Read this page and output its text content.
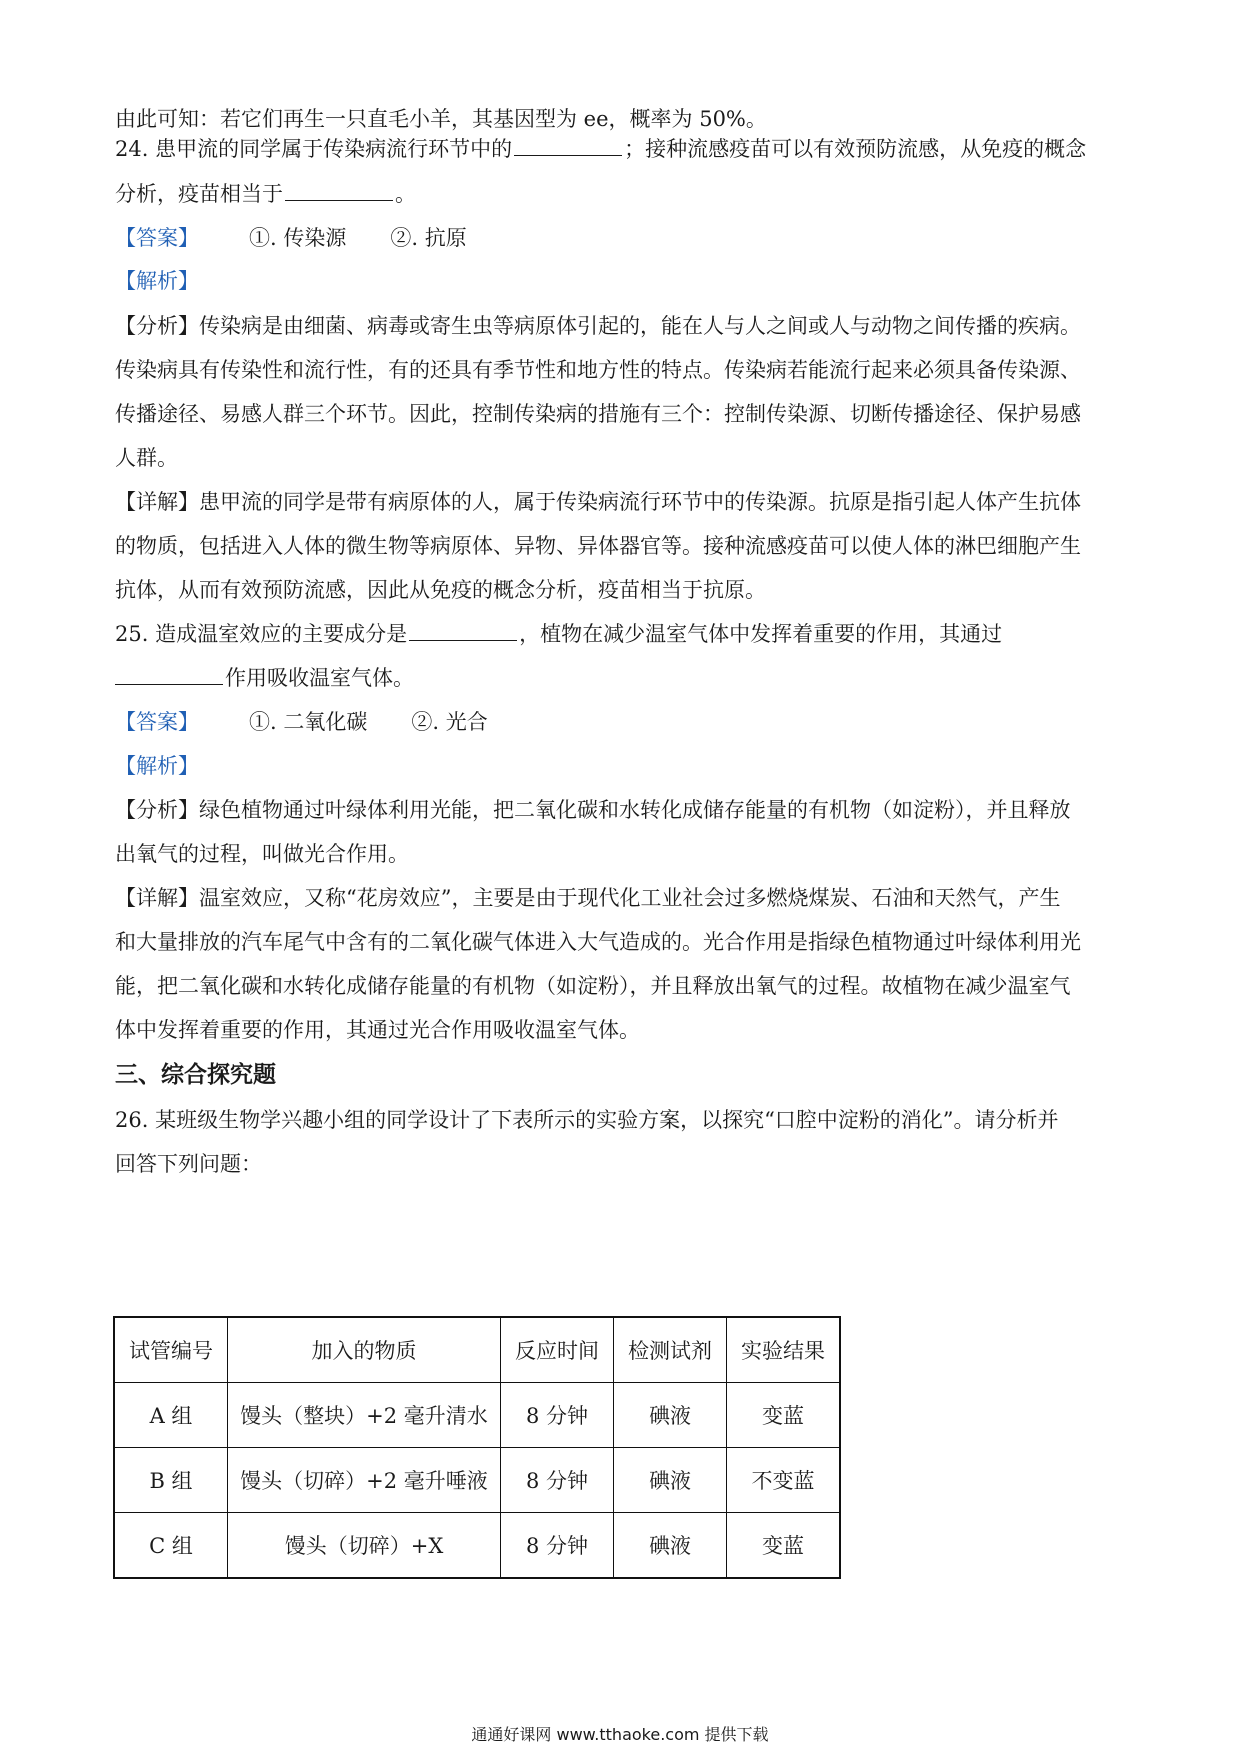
由此可知：若它们再生一只直毛小羊，其基因型为 ee，概率为 50%。
24. 患甲流的同学属于传染病流行环节中的	；接种流感疫苗可以有效预防流感，从免疫的概念
分析，疫苗相当于	。
【答案】 ①. 传染源 ②. 抗原
【解析】
【分析】传染病是由细菌、病毒或寄生虫等病原体引起的，能在人与人之间或人与动物之间传播的疾病。
传染病具有传染性和流行性，有的还具有季节性和地方性的特点。传染病若能流行起来必须具备传染源、
传播途径、易感人群三个环节。因此，控制传染病的措施有三个：控制传染源、切断传播途径、保护易感
人群。
【详解】患甲流的同学是带有病原体的人，属于传染病流行环节中的传染源。抗原是指引起人体产生抗体
的物质，包括进入人体的微生物等病原体、异物、异体器官等。接种流感疫苗可以使人体的淋巴细胞产生
抗体，从而有效预防流感，因此从免疫的概念分析，疫苗相当于抗原。
25. 造成温室效应的主要成分是	，植物在减少温室气体中发挥着重要的作用，其通过
作用吸收温室气体。
【答案】 ①. 二氧化碳 ②. 光合
【解析】
【分析】绿色植物通过叶绿体利用光能，把二氧化碳和水转化成储存能量的有机物（如淀粉），并且释放
出氧气的过程，叫做光合作用。
【详解】温室效应，又称“花房效应”，主要是由于现代化工业社会过多燃烧煤炭、石油和天然气，产生
和大量排放的汽车尾气中含有的二氧化碳气体进入大气造成的。光合作用是指绿色植物通过叶绿体利用光
能，把二氧化碳和水转化成储存能量的有机物（如淀粉），并且释放出氧气的过程。故植物在减少温室气
体中发挥着重要的作用，其通过光合作用吸收温室气体。
三、综合探究题
26. 某班级生物学兴趣小组的同学设计了下表所示的实验方案，以探究“口腔中淀粉的消化”。请分析并
回答下列问题：
试管编号	加入的物质	反应时间	检测试剂	实验结果
A 组	馒头（整块）+2 毫升清水	8 分钟	碘液	变蓝
B 组	馒头（切碎）+2 毫升唾液	8 分钟	碘液	不变蓝
C 组	馒头（切碎）+X	8 分钟	碘液	变蓝
通通好课网 www.tthaoke.com 提供下载
